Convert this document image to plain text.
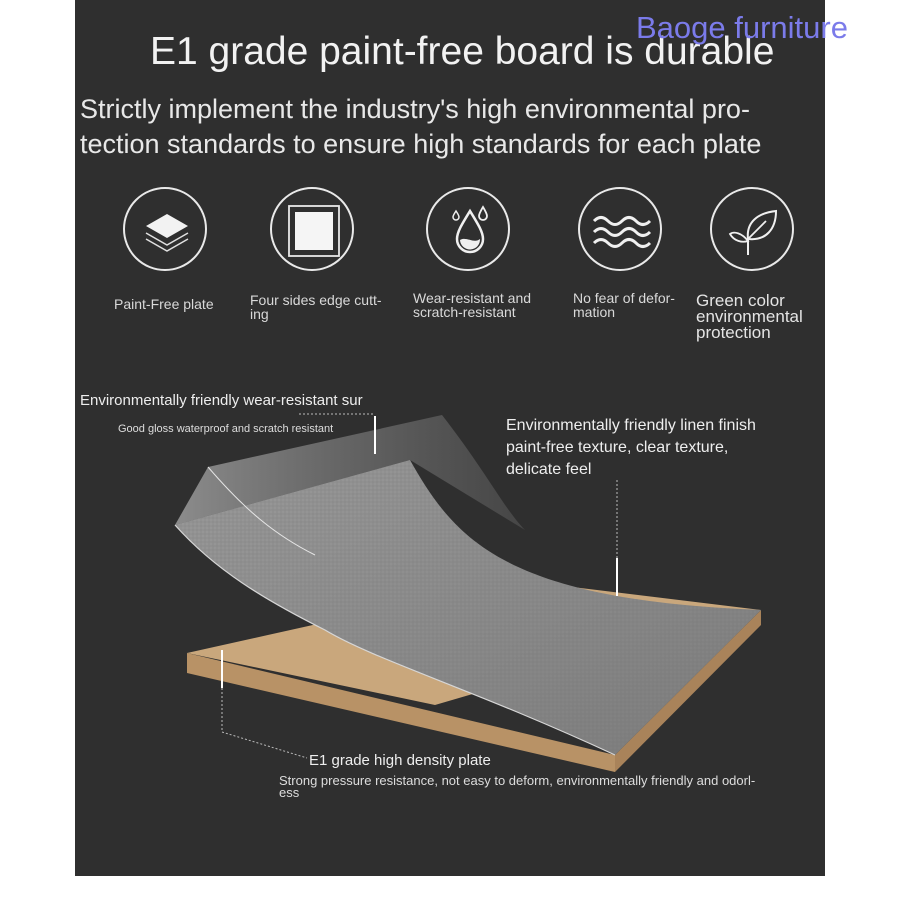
E1 grade paint-free board is durable
Baoge furniture
Strictly implement the industry's high environmental pro-
tection standards to ensure high standards for each plate
Paint-Free plate	Four sides edge cutt-
ing
Wear-resistant and
scratch-resistant
No fear of defor-
mation
Green color
environmental
protection
Environmentally friendly wear-resistant sur
Good gloss waterproof and scratch resistant	Environmentally friendly linen finish
paint-free texture, clear texture,
delicate feel
E1 grade high density plate
Strong pressure resistance, not easy to deform, environmentally friendly and odorl-
ess
